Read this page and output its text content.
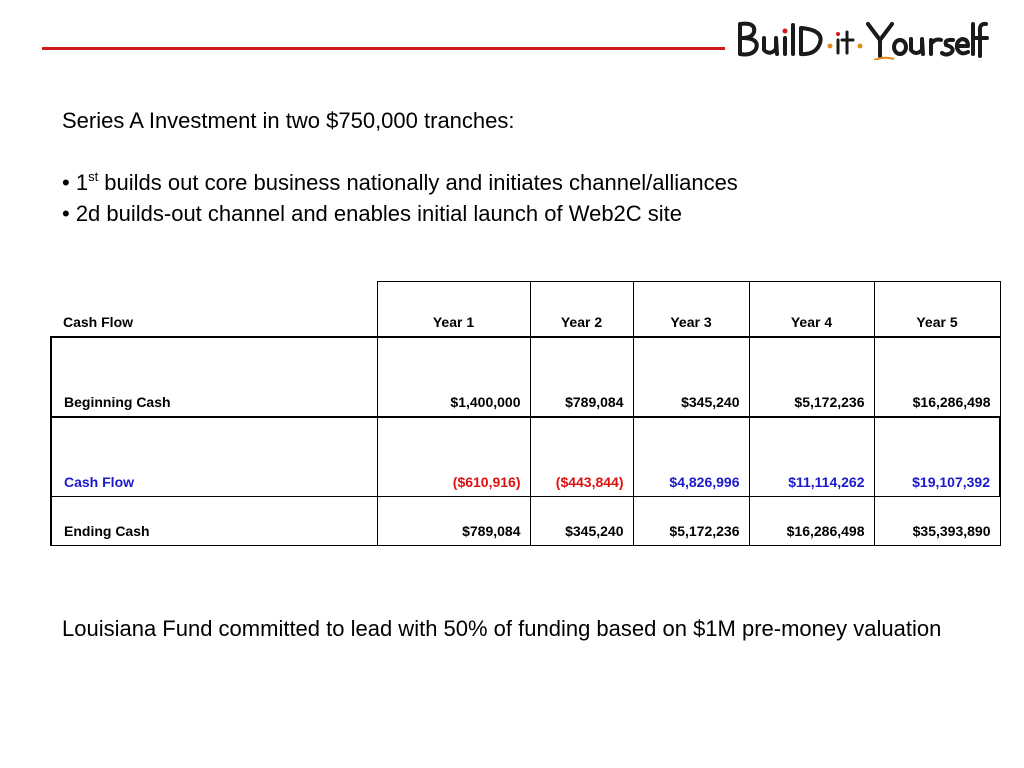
Series A Investment in two $750,000 tranches:

• 1st builds out core business nationally and initiates channel/alliances

• 2d builds-out channel and enables initial launch of Web2C site

Cash Flow	Year 1	Year 2	Year 3	Year 4	Year 5
Beginning Cash	$1,400,000	$789,084	$345,240	$5,172,236	$16,286,498
Cash Flow	($610,916)	($443,844)	$4,826,996	$11,114,262	$19,107,392
Ending Cash	$789,084	$345,240	$5,172,236	$16,286,498	$35,393,890

Louisiana Fund committed to lead with 50% of funding based on $1M pre-money valuation
